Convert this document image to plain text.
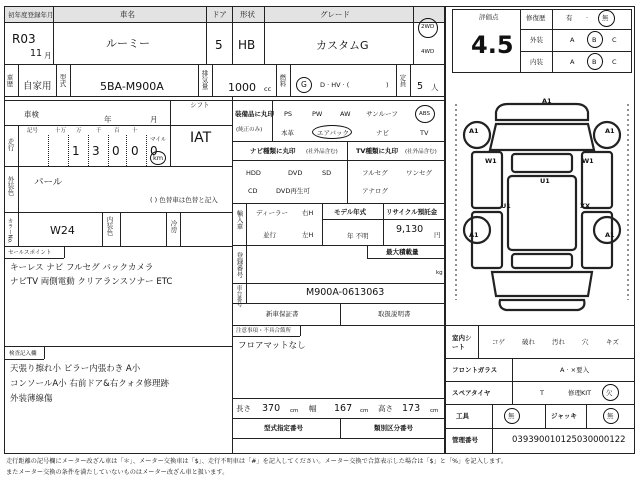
初年度登録年月	車名	ドア 形状	グレード
R03
11 月
ルーミー	5 HB	カスタムG
2WD
4WD
車歴 自家用 型式	5BA-M900A	排気量 1000 cc
燃料 G D · HV · (	) 定員 5 人
車検
年	月
シフト
IAT
走行
記号	十万 万	千 百 十
1 3 0 0 0
マイル
km
外装色 パール
( ) 色替車は色替と記入
カラーNo.	W24	内装色	冷房
セールスポイント
キーレス ナビ フルセグ バックカメラ
ナビTV 両側電動 クリアランスソナー ETC
検査記入欄
天張り擦れ小 ピラー内張わき A小
コンソールA小 右前ドア&右クォタ修理跡
外装薄線傷
装備品に丸印
(純正のみ)
PS	PW	AW サンルーフ	ABS
本革	エアバック	ナビ	TV
ナビ種類に丸印 (社外品含む)
HDD	DVD	SD
CD	DVD再生可
TV種類に丸印 (社外品含む)
フルセグ	ワンセグ
アナログ
輸入車 ディーラー
並行
右H
左H
モデル年式
年 不明
リサイクル預託金
9,130 円
登録番号	最大積載量
kg
車台番号	M900A-0613063
新車保証書	取扱説明書
注意事項・不具合箇所
フロアマットなし
長さ 370 cm 幅 167 cm 高さ 173 cm
型式指定番号	類別区分番号
評価点
4.5
修復歴	有 · 無
外装	A	B C
内装	A	B C
A1
A1	A1
W1	W1
U1
U1	XX
A1	A1
室内シート
コゲ	破れ	汚れ	穴	キズ
フロントガラス	A · ×要入
スペアタイヤ	T	修理KIT 欠
工具	無	ジャッキ	無
管理番号	039390010125030000122
走行距離の記号欄にメーター改ざん車は「＊」、メーター交換車は「$」、走行不明車は「#」を記入してください。メーター交換で合算表示した場合は「$」と「%」を記入します。
またメーター交換の条件を満たしていないものはメーター改ざん車と扱います。
